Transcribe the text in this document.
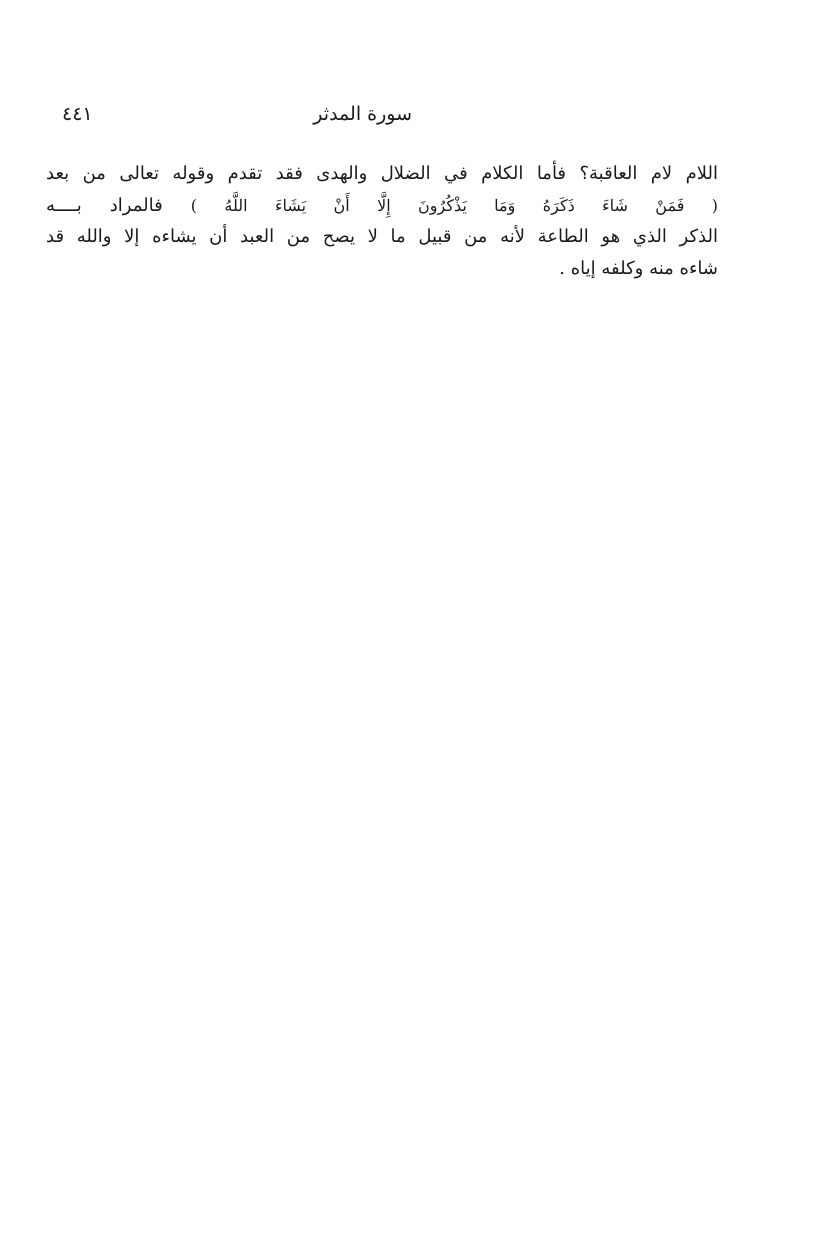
سورة المدثر
٤٤١
اللام لام العاقبة؟ فأما الكلام في الضلال والهدى فقد تقدم وقوله تعالى من بعد
( فَمَنْ شَاءَ ذَكَرَهُ وَمَا يَذْكُرُونَ إِلَّا أَنْ يَشَاءَ اللَّهُ ) فالمراد بــــه
الذكر الذي هو الطاعة لأنه من قبيل ما لا يصح من العبد أن يشاءه إلا والله قد
شاءه منه وكلفه إياه .
